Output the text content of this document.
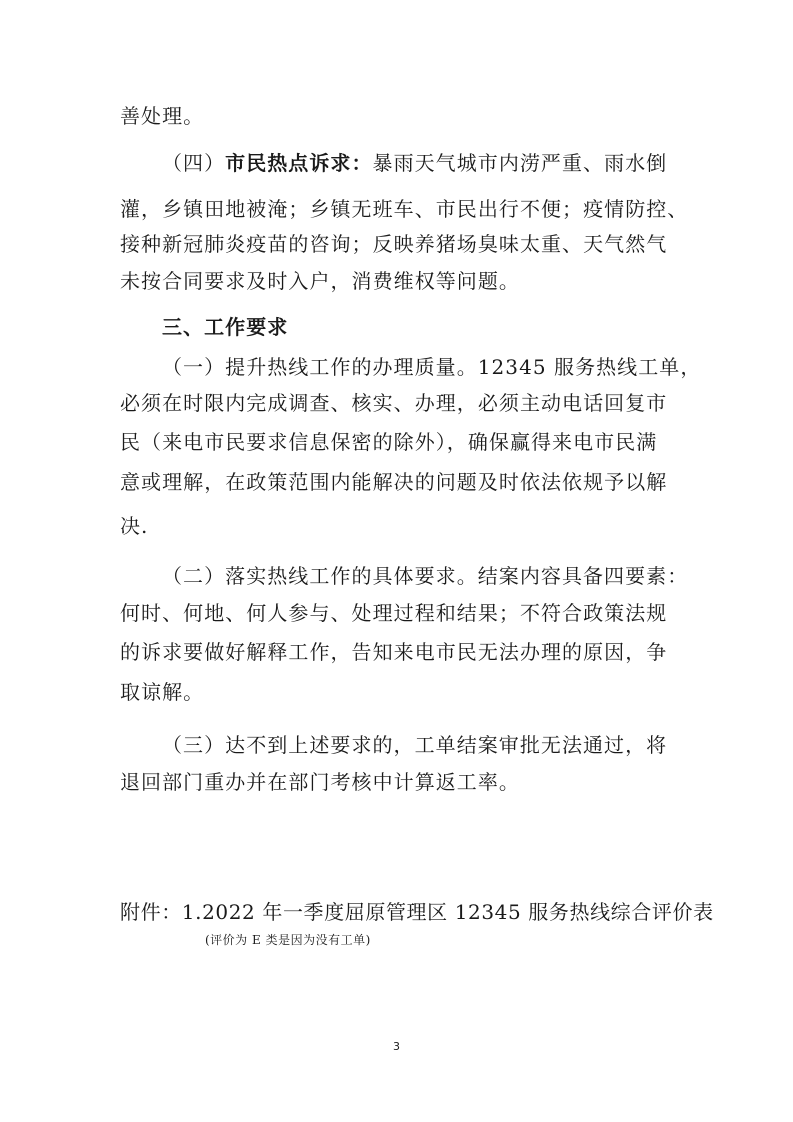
善处理。
（四）市民热点诉求：暴雨天气城市内涝严重、雨水倒
灌，乡镇田地被淹；乡镇无班车、市民出行不便；疫情防控、
接种新冠肺炎疫苗的咨询；反映养猪场臭味太重、天气然气
未按合同要求及时入户，消费维权等问题。
三、工作要求
（一）提升热线工作的办理质量。12345 服务热线工单，
必须在时限内完成调查、核实、办理，必须主动电话回复市
民（来电市民要求信息保密的除外），确保赢得来电市民满
意或理解，在政策范围内能解决的问题及时依法依规予以解
决.
（二）落实热线工作的具体要求。结案内容具备四要素：
何时、何地、何人参与、处理过程和结果；不符合政策法规
的诉求要做好解释工作，告知来电市民无法办理的原因，争
取谅解。
（三）达不到上述要求的，工单结案审批无法通过，将
退回部门重办并在部门考核中计算返工率。
附件：1.2022 年一季度屈原管理区 12345 服务热线综合评价表
(评价为 E 类是因为没有工单)
3
